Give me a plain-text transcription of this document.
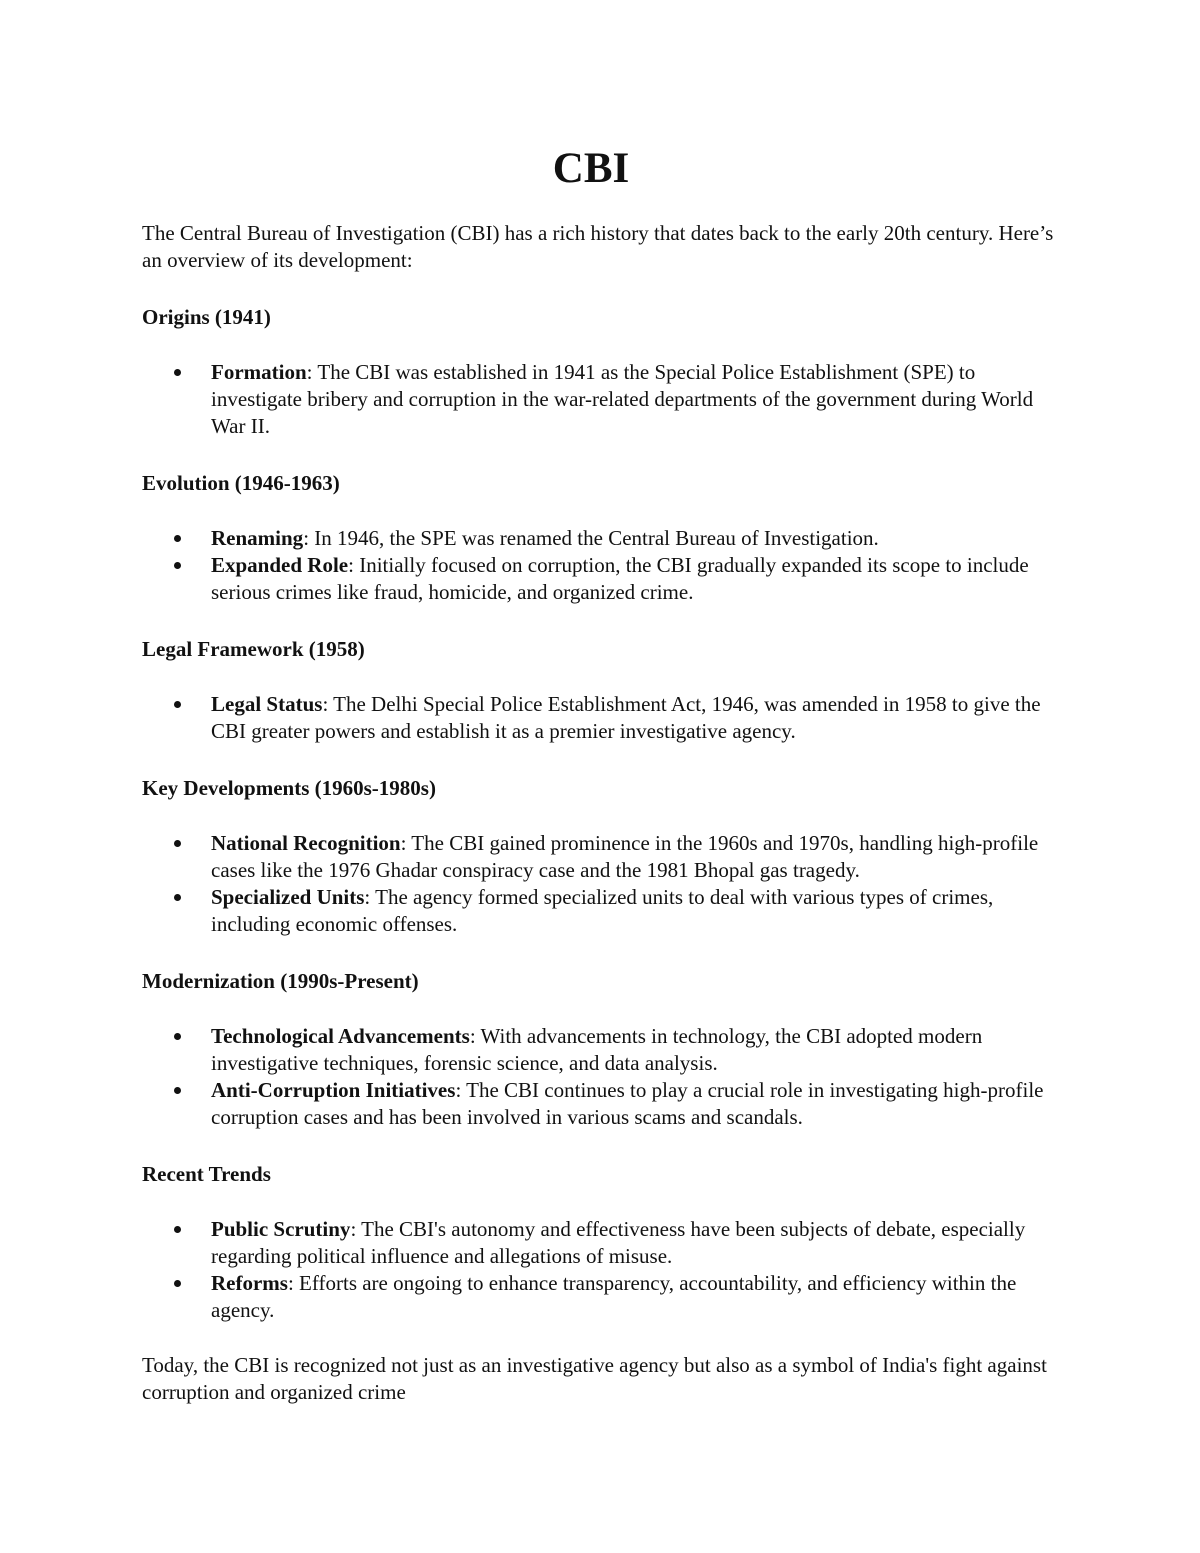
CBI

The Central Bureau of Investigation (CBI) has a rich history that dates back to the early 20th century. Here’s an overview of its development:

Origins (1941)
Formation: The CBI was established in 1941 as the Special Police Establishment (SPE) to investigate bribery and corruption in the war-related departments of the government during World War II.
Evolution (1946-1963)
Renaming: In 1946, the SPE was renamed the Central Bureau of Investigation.
Expanded Role: Initially focused on corruption, the CBI gradually expanded its scope to include serious crimes like fraud, homicide, and organized crime.
Legal Framework (1958)
Legal Status: The Delhi Special Police Establishment Act, 1946, was amended in 1958 to give the CBI greater powers and establish it as a premier investigative agency.
Key Developments (1960s-1980s)
National Recognition: The CBI gained prominence in the 1960s and 1970s, handling high-profile cases like the 1976 Ghadar conspiracy case and the 1981 Bhopal gas tragedy.
Specialized Units: The agency formed specialized units to deal with various types of crimes, including economic offenses.
Modernization (1990s-Present)
Technological Advancements: With advancements in technology, the CBI adopted modern investigative techniques, forensic science, and data analysis.
Anti-Corruption Initiatives: The CBI continues to play a crucial role in investigating high-profile corruption cases and has been involved in various scams and scandals.
Recent Trends
Public Scrutiny: The CBI's autonomy and effectiveness have been subjects of debate, especially regarding political influence and allegations of misuse.
Reforms: Efforts are ongoing to enhance transparency, accountability, and efficiency within the agency.

Today, the CBI is recognized not just as an investigative agency but also as a symbol of India's fight against corruption and organized crime
